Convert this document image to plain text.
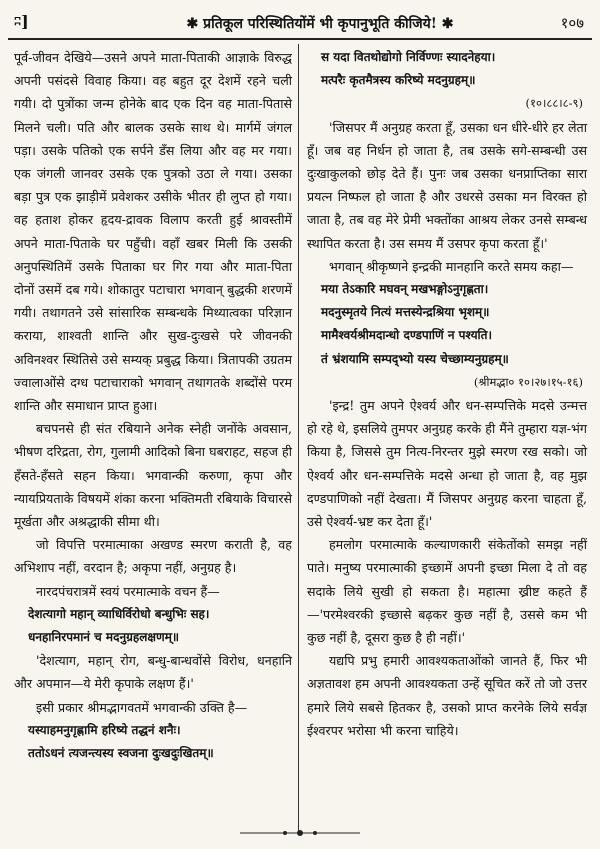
ʭ]	✱ प्रतिकूल परिस्थितियोंमें भी कृपानुभूति कीजिये! ✱	१०७

पूर्व-जीवन देखिये—उसने अपने माता-पिताकी आज्ञाके विरुद्ध अपनी पसंदसे विवाह किया। वह बहुत दूर देशमें रहने चली गयी। दो पुत्रोंका जन्म होनेके बाद एक दिन वह माता-पितासे मिलने चली। पति और बालक उसके साथ थे। मार्गमें जंगल पड़ा। उसके पतिको एक सर्पने डँस लिया और वह मर गया। एक जंगली जानवर उसके एक पुत्रको उठा ले गया। उसका बड़ा पुत्र एक झाड़ीमें प्रवेशकर उसीके भीतर ही लुप्त हो गया। वह हताश होकर हृदय-द्रावक विलाप करती हुई श्रावस्तीमें अपने माता-पिताके घर पहुँची। वहाँ खबर मिली कि उसकी अनुपस्थितिमें उसके पिताका घर गिर गया और माता-पिता दोनों उसमें दब गये। शोकातुर पटाचारा भगवान् बुद्धकी शरणमें गयी। तथागतने उसे सांसारिक सम्बन्धके मिथ्यात्वका परिज्ञान कराया, शाश्वती शान्ति और सुख-दुःखसे परे जीवनकी अविनश्वर स्थितिसे उसे सम्यक् प्रबुद्ध किया। त्रितापकी उग्रतम ज्वालाओंसे दग्ध पटाचाराको भगवान् तथागतके शब्दोंसे परम शान्ति और समाधान प्राप्त हुआ।

बचपनसे ही संत रबियाने अनेक स्नेही जनोंके अवसान, भीषण दरिद्रता, रोग, गुलामी आदिको बिना घबराहट, सहज ही हँसते-हँसते सहन किया। भगवान्की करुणा, कृपा और न्यायप्रियताके विषयमें शंका करना भक्तिमती रबियाके विचारसे मूर्खता और अश्रद्धाकी सीमा थी।

जो विपत्ति परमात्माका अखण्ड स्मरण कराती है, वह अभिशाप नहीं, वरदान है; अकृपा नहीं, अनुग्रह है।

नारदपंचरात्रमें स्वयं परमात्माके वचन हैं—

देशत्यागो महान् व्याधिर्विरोधो बन्धुभिः सह।

धनहानिरपमानं च मदनुग्रहलक्षणम्॥

'देशत्याग, महान् रोग, बन्धु-बान्धवोंसे विरोध, धनहानि और अपमान—ये मेरी कृपाके लक्षण हैं।'

इसी प्रकार श्रीमद्भागवतमें भगवान्की उक्ति है—

यस्याहमनुगृह्णामि हरिष्ये तद्धनं शनैः।

ततोऽधनं त्यजन्त्यस्य स्वजना दुःखदुःखितम्॥

स यदा वितथोद्योगो निर्विण्णः स्यादनेहया।

मत्परैः कृतमैत्रस्य करिष्ये मदनुग्रहम्॥

(१०।८८।८-९)

'जिसपर मैं अनुग्रह करता हूँ, उसका धन धीरे-धीरे हर लेता हूँ। जब वह निर्धन हो जाता है, तब उसके सगे-सम्बन्धी उस दुःखाकुलको छोड़ देते हैं। पुनः जब उसका धनप्राप्तिका सारा प्रयत्न निष्फल हो जाता है और उधरसे उसका मन विरक्त हो जाता है, तब वह मेरे प्रेमी भक्तोंका आश्रय लेकर उनसे सम्बन्ध स्थापित करता है। उस समय मैं उसपर कृपा करता हूँ।'

भगवान् श्रीकृष्णने इन्द्रकी मानहानि करते समय कहा—

मया तेऽकारि मघवन् मखभङ्गोऽनुगृह्णता।

मदनुस्मृतये नित्यं मत्तस्येन्द्रश्रिया भृशम्॥

मामैश्वर्यश्रीमदान्धो दण्डपाणिं न पश्यति।

तं भ्रंशयामि सम्पद्‌भ्यो यस्य चेच्छाम्यनुग्रहम्॥

(श्रीमद्भा० १०।२७।१५-१६)

'इन्द्र! तुम अपने ऐश्वर्य और धन-सम्पत्तिके मदसे उन्मत्त हो रहे थे, इसलिये तुमपर अनुग्रह करके ही मैंने तुम्हारा यज्ञ-भंग किया है, जिससे तुम नित्य-निरन्तर मुझे स्मरण रख सको। जो ऐश्वर्य और धन-सम्पत्तिके मदसे अन्धा हो जाता है, वह मुझ दण्डपाणिको नहीं देखता। मैं जिसपर अनुग्रह करना चाहता हूँ, उसे ऐश्वर्य-भ्रष्ट कर देता हूँ।'

हमलोग परमात्माके कल्याणकारी संकेतोंको समझ नहीं पाते। मनुष्य परमात्माकी इच्छामें अपनी इच्छा मिला दे तो वह सदाके लिये सुखी हो सकता है। महात्मा ख्रीष्ट कहते हैं—'परमेश्वरकी इच्छासे बढ़कर कुछ नहीं है, उससे कम भी कुछ नहीं है, दूसरा कुछ है ही नहीं।'

यद्यपि प्रभु हमारी आवश्यकताओंको जानते हैं, फिर भी अज्ञतावश हम अपनी आवश्यकता उन्हें सूचित करें तो जो उत्तर हमारे लिये सबसे हितकर है, उसको प्राप्त करनेके लिये सर्वज्ञ ईश्वरपर भरोसा भी करना चाहिये।
